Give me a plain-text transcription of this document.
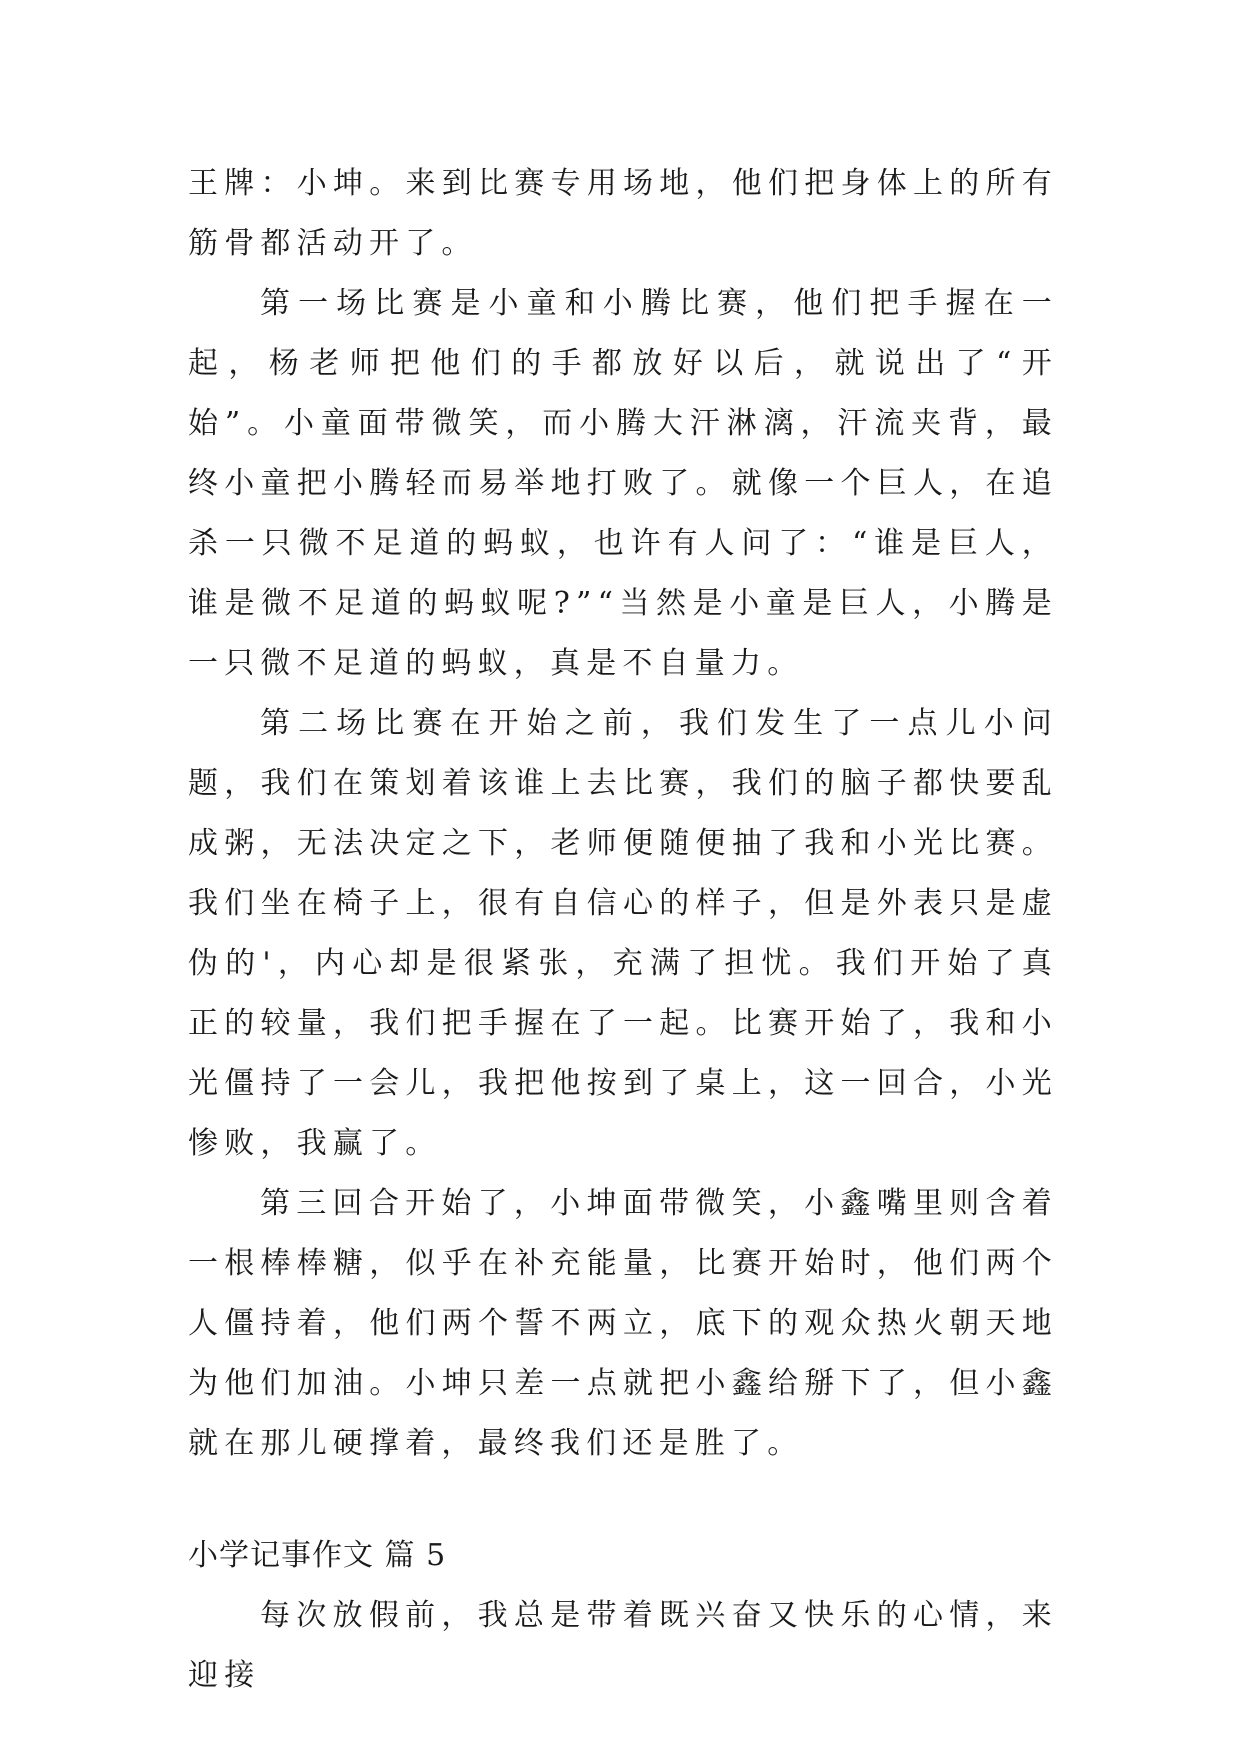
王牌：小坤。来到比赛专用场地，他们把身体上的所有筋骨都活动开了。

第一场比赛是小童和小腾比赛，他们把手握在一起，杨老师把他们的手都放好以后，就说出了“开始”。小童面带微笑，而小腾大汗淋漓，汗流夹背，最终小童把小腾轻而易举地打败了。就像一个巨人，在追杀一只微不足道的蚂蚁，也许有人问了：“谁是巨人，谁是微不足道的蚂蚁呢?”“当然是小童是巨人，小腾是一只微不足道的蚂蚁，真是不自量力。

第二场比赛在开始之前，我们发生了一点儿小问题，我们在策划着该谁上去比赛，我们的脑子都快要乱成粥，无法决定之下，老师便随便抽了我和小光比赛。我们坐在椅子上，很有自信心的样子，但是外表只是虚伪的'，内心却是很紧张，充满了担忧。我们开始了真正的较量，我们把手握在了一起。比赛开始了，我和小光僵持了一会儿，我把他按到了桌上，这一回合，小光惨败，我赢了。

第三回合开始了，小坤面带微笑，小鑫嘴里则含着一根棒棒糖，似乎在补充能量，比赛开始时，他们两个人僵持着，他们两个誓不两立，底下的观众热火朝天地为他们加油。小坤只差一点就把小鑫给掰下了，但小鑫就在那儿硬撑着，最终我们还是胜了。

小学记事作文 篇 5

每次放假前，我总是带着既兴奋又快乐的心情，来迎接
